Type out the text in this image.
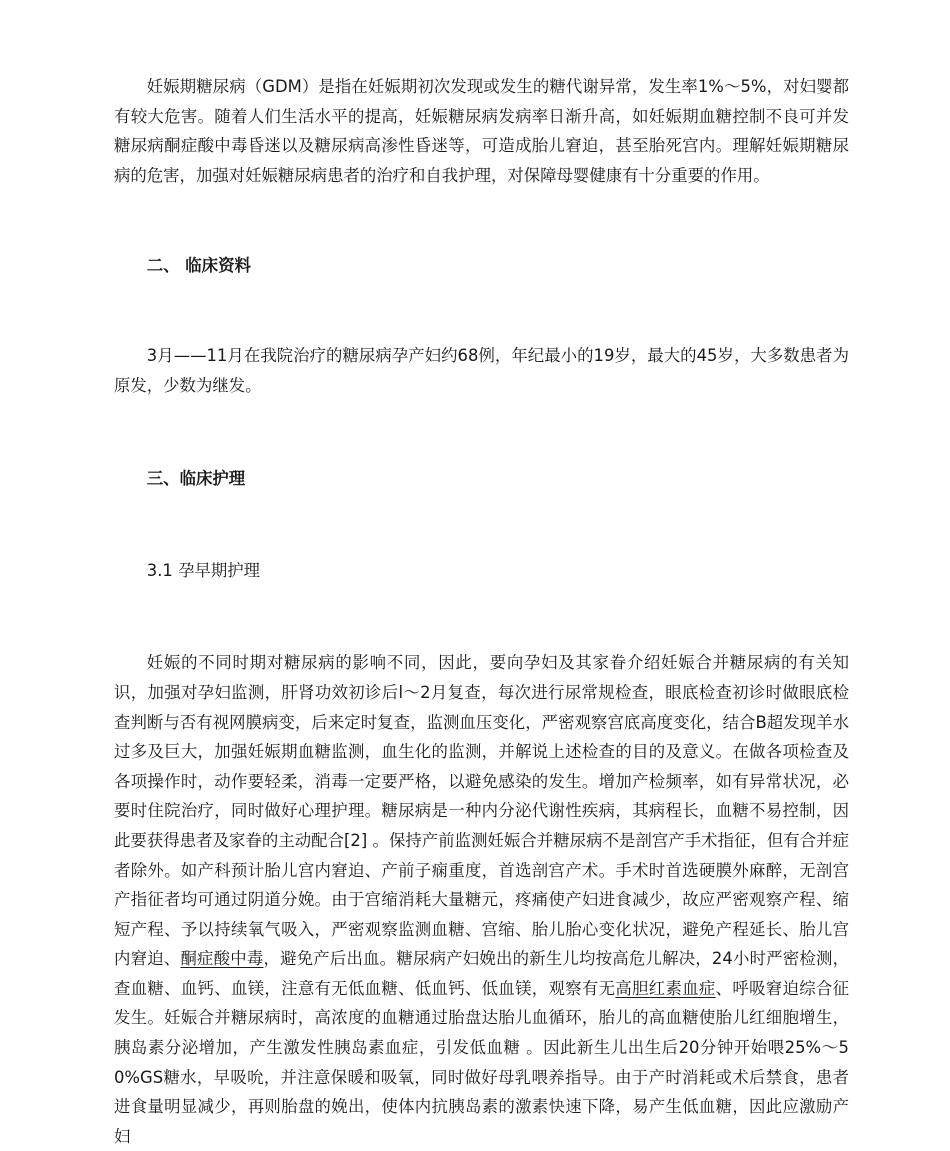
妊娠期糖尿病（GDM）是指在妊娠期初次发现或发生的糖代谢异常，发生率1%～5%，对妇婴都有较大危害。随着人们生活水平的提高，妊娠糖尿病发病率日渐升高，如妊娠期血糖控制不良可并发糖尿病酮症酸中毒昏迷以及糖尿病高渗性昏迷等，可造成胎儿窘迫，甚至胎死宫内。理解妊娠期糖尿病的危害，加强对妊娠糖尿病患者的治疗和自我护理，对保障母婴健康有十分重要的作用。

二、 临床资料

3月——11月在我院治疗的糖尿病孕产妇约68例，年纪最小的19岁，最大的45岁，大多数患者为原发，少数为继发。

三、临床护理

3.1 孕早期护理

妊娠的不同时期对糖尿病的影响不同，因此，要向孕妇及其家眷介绍妊娠合并糖尿病的有关知识，加强对孕妇监测，肝肾功效初诊后l～2月复查，每次进行尿常规检查，眼底检查初诊时做眼底检查判断与否有视网膜病变，后来定时复查，监测血压变化，严密观察宫底高度变化，结合B超发现羊水过多及巨大，加强妊娠期血糖监测，血生化的监测，并解说上述检查的目的及意义。在做各项检查及各项操作时，动作要轻柔，消毒一定要严格，以避免感染的发生。增加产检频率，如有异常状况，必要时住院治疗，同时做好心理护理。糖尿病是一种内分泌代谢性疾病，其病程长，血糖不易控制，因此要获得患者及家眷的主动配合[2] 。保持产前监测妊娠合并糖尿病不是剖宫产手术指征，但有合并症者除外。如产科预计胎儿宫内窘迫、产前子痫重度，首选剖宫产术。手术时首选硬膜外麻醉，无剖宫产指征者均可通过阴道分娩。由于宫缩消耗大量糖元，疼痛使产妇进食减少，故应严密观察产程、缩短产程、予以持续氧气吸入，严密观察监测血糖、宫缩、胎儿胎心变化状况，避免产程延长、胎儿宫内窘迫、酮症酸中毒，避免产后出血。糖尿病产妇娩出的新生儿均按高危儿解决，24小时严密检测，查血糖、血钙、血镁，注意有无低血糖、低血钙、低血镁，观察有无高胆红素血症、呼吸窘迫综合征发生。妊娠合并糖尿病时，高浓度的血糖通过胎盘达胎儿血循环，胎儿的高血糖使胎儿红细胞增生，胰岛素分泌增加，产生激发性胰岛素血症，引发低血糖 。因此新生儿出生后20分钟开始喂25%～50%GS糖水，早吸吮，并注意保暖和吸氧，同时做好母乳喂养指导。由于产时消耗或术后禁食，患者进食量明显减少，再则胎盘的娩出，使体内抗胰岛素的激素快速下降，易产生低血糖，因此应激励产妇
